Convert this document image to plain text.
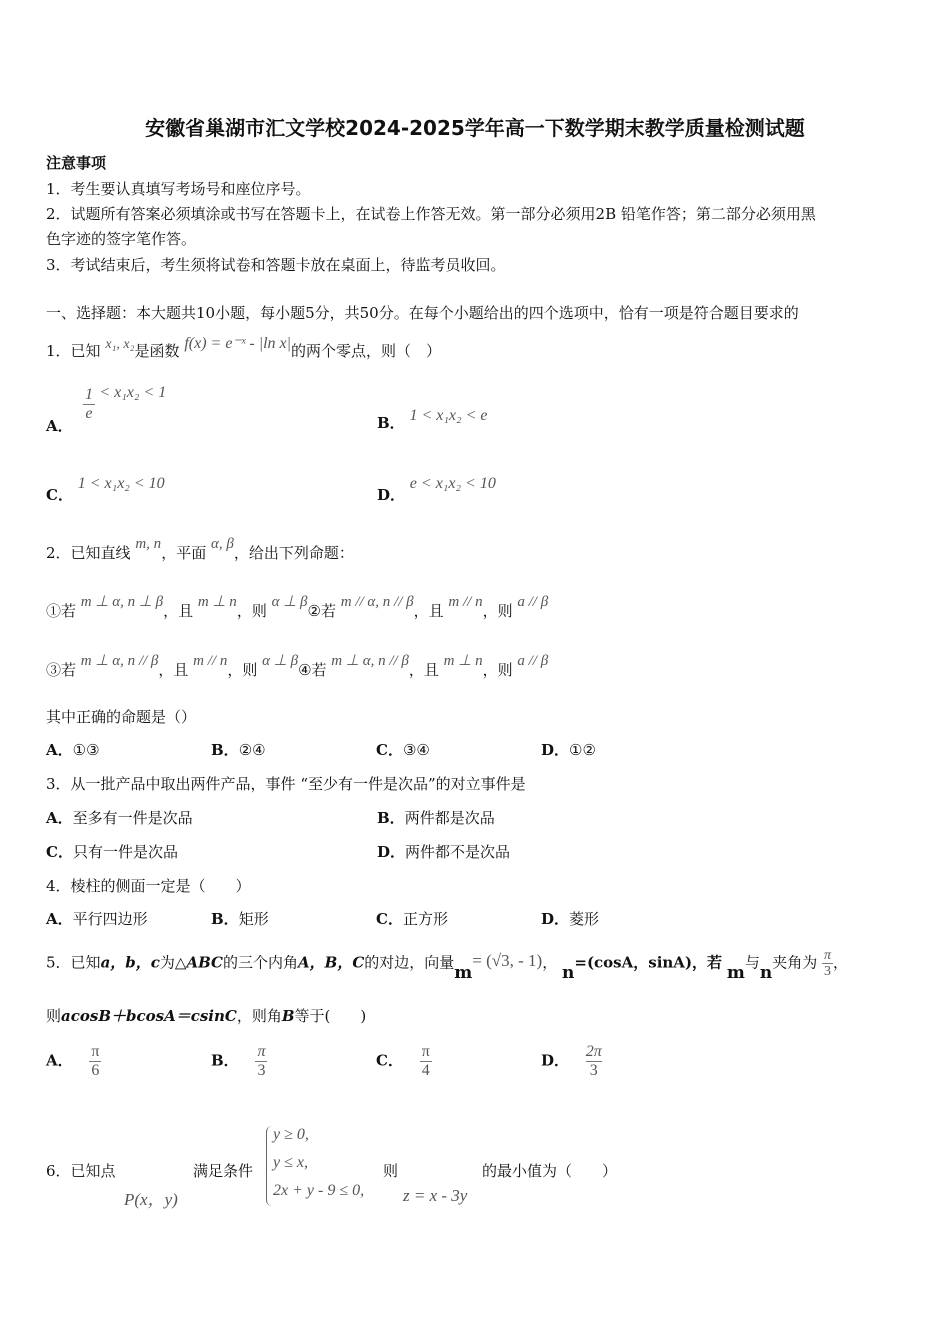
安徽省巢湖市汇文学校2024-2025学年高一下数学期末教学质量检测试题
注意事项
1．考生要认真填写考场号和座位序号。
2．试题所有答案必须填涂或书写在答题卡上，在试卷上作答无效。第一部分必须用2B 铅笔作答；第二部分必须用黑
色字迹的签字笔作答。
3．考试结束后，考生须将试卷和答题卡放在桌面上，待监考员收回。
一、选择题：本大题共10小题，每小题5分，共50分。在每个小题给出的四个选项中，恰有一项是符合题目要求的
1．已知 x₁, x₂是函数 f(x) = e⁻ˣ - |ln x|的两个零点，则（　）
A．
$\frac{1}{e} < x_1x_2 < 1$
B． 1 < x₁x₂ < e
C． 1 < x₁x₂ < 10
D． e < x₁x₂ < 10
2．已知直线 m, n，平面 α, β，给出下列命题：
①若 m ⊥ α, n ⊥ β，且 m ⊥ n，则 α ⊥ β②若 m // α, n // β，且 m // n，则 a // β
③若 m ⊥ α, n // β，且 m // n，则 α ⊥ β④若 m ⊥ α, n // β，且 m ⊥ n，则 a // β
其中正确的命题是（）
A．①③	B．②④	C．③④	D．①②
3．从一批产品中取出两件产品，事件 “至少有一件是次品”的对立事件是
A．至多有一件是次品	B．两件都是次品
C．只有一件是次品	D．两件都不是次品
4．棱柱的侧面一定是（　　）
A．平行四边形	B．矩形	C．正方形	D．菱形
5．已知a，b，c为△ABC的三个内角A，B，C的对边，向量m= (√3, - 1)， n=(cosA，sinA)，若 m与n夹角为 $\frac{\pi}{3}$ ，
则acosB＋bcosA＝csinC，则角B等于(　　)
A． $\frac{\pi}{6}$	B． $\frac{\pi}{3}$	C． $\frac{\pi}{4}$	D． $\frac{2\pi}{3}$
6．已知点
P(x，y)
满足条件
y ≥ 0,
y ≤ x,
2x + y - 9 ≤ 0,
则
z = x - 3y
的最小值为（　　）
